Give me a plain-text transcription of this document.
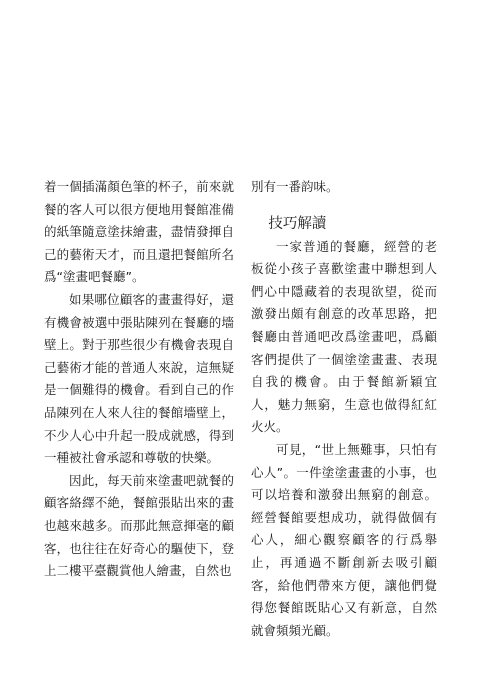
着一個插滿顏色筆的杯子，前來就餐的客人可以很方便地用餐館准備的紙筆隨意塗抹繪畫，盡情發揮自己的藝術天才，而且還把餐館所名爲“塗畫吧餐廳”。

如果哪位顧客的畫畫得好，還有機會被選中張貼陳列在餐廳的墻壁上。對于那些很少有機會表現自己藝術才能的普通人來說，這無疑是一個難得的機會。看到自己的作品陳列在人來人往的餐館墻壁上，不少人心中升起一股成就感，得到一種被社會承認和尊敬的快樂。

因此，每天前來塗畫吧就餐的顧客絡繹不絶，餐館張貼出來的畫也越來越多。而那此無意揮毫的顧客，也往往在好奇心的驅使下，登上二樓平臺觀賞他人繪畫，自然也

別有一番韵味。

技巧解讀

一家普通的餐廳，經營的老板從小孩子喜歡塗畫中聯想到人們心中隱藏着的表現欲望，從而激發出頗有創意的改革思路，把餐廳由普通吧改爲塗畫吧，爲顧客們提供了一個塗塗畫畫、表現自我的機會。由于餐館新穎宜人，魅力無窮，生意也做得紅紅火火。

可見，“世上無難事，只怕有心人”。一件塗塗畫畫的小事，也可以培養和激發出無窮的創意。經營餐館要想成功，就得做個有心人，細心觀察顧客的行爲舉止，再通過不斷創新去吸引顧客，給他們帶來方便，讓他們覺得您餐館既貼心又有新意，自然就會頻頻光顧。
